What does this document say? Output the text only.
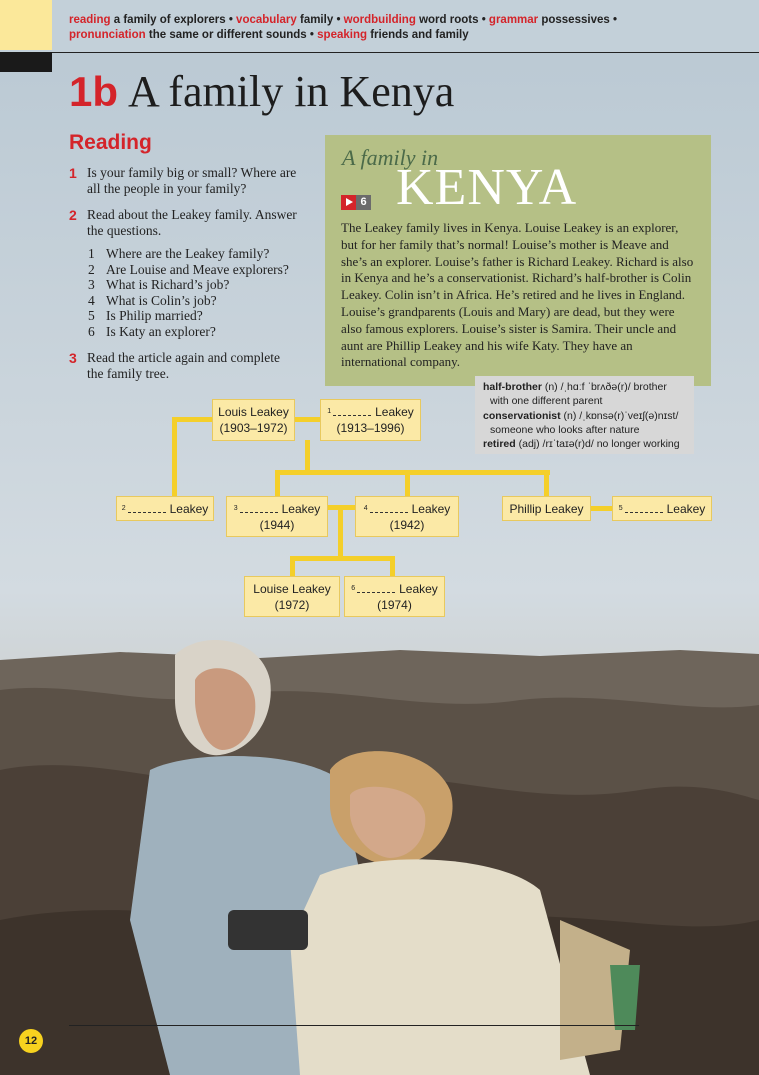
reading a family of explorers • vocabulary family • wordbuilding word roots • grammar possessives •
pronunciation the same or different sounds • speaking friends and family
1b A family in Kenya
Reading
1 Is your family big or small? Where are all the people in your family?
2 Read about the Leakey family. Answer the questions.
1 Where are the Leakey family?
2 Are Louise and Meave explorers?
3 What is Richard’s job?
4 What is Colin’s job?
5 Is Philip married?
6 Is Katy an explorer?
3 Read the article again and complete the family tree.
A family in
KENYA
6
The Leakey family lives in Kenya. Louise Leakey is an explorer, but for her family that’s normal! Louise’s mother is Meave and she’s an explorer. Louise’s father is Richard Leakey. Richard is also in Kenya and he’s a conservationist. Richard’s half-brother is Colin Leakey. Colin isn’t in Africa. He’s retired and he lives in England. Louise’s grandparents (Louis and Mary) are dead, but they were also famous explorers. Louise’s sister is Samira. Their uncle and aunt are Phillip Leakey and his wife Katy. They have an international company.
half-brother (n) /ˌhɑːf ˈbrʌðə(r)/ brother
with one different parent
conservationist (n) /ˌkɒnsə(r)ˈveɪʃ(ə)nɪst/
someone who looks after nature
retired (adj) /rɪˈtaɪə(r)d/ no longer working
Louis Leakey
(1903–1972)
$^1$	Leakey
(1913–1996)
$^2$	Leakey	$^3$	Leakey
(1944)
$^4$	Leakey
(1942)
Phillip Leakey	$^5$	Leakey
Louise Leakey
(1972)
$^6$	Leakey
(1974)
12
